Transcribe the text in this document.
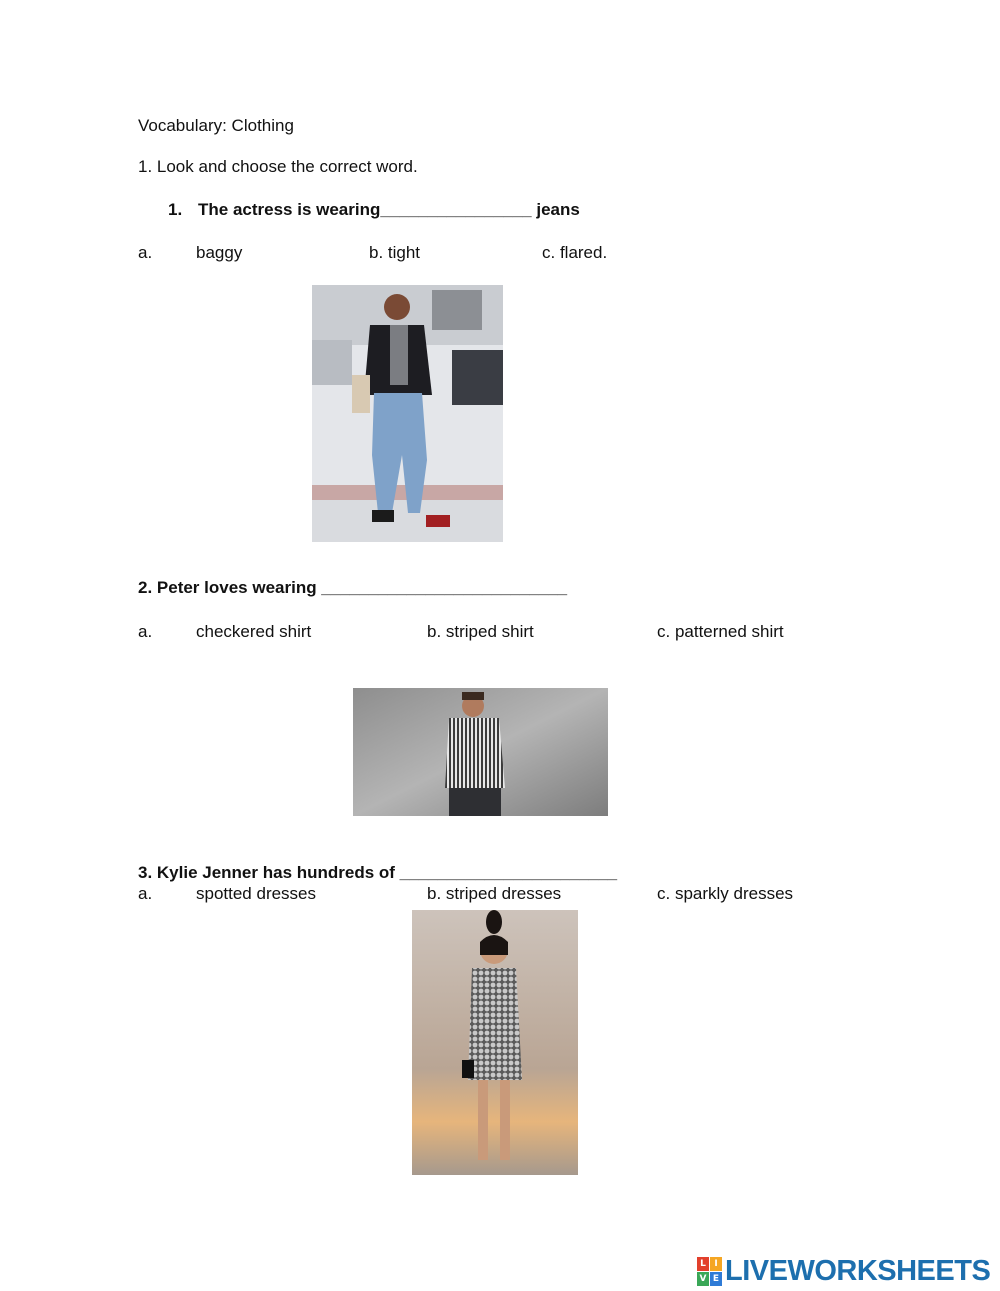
Vocabulary: Clothing
1. Look and choose the correct word.
1. The actress is wearing________________ jeans
a.	baggy	b. tight	c. flared.
2. Peter loves wearing __________________________
a.	checkered shirt	b. striped shirt	c. patterned shirt
3. Kylie Jenner has hundreds of _______________________
a.	spotted dresses	b. striped dresses	c. sparkly dresses
L I
V E LIVEWORKSHEETS
